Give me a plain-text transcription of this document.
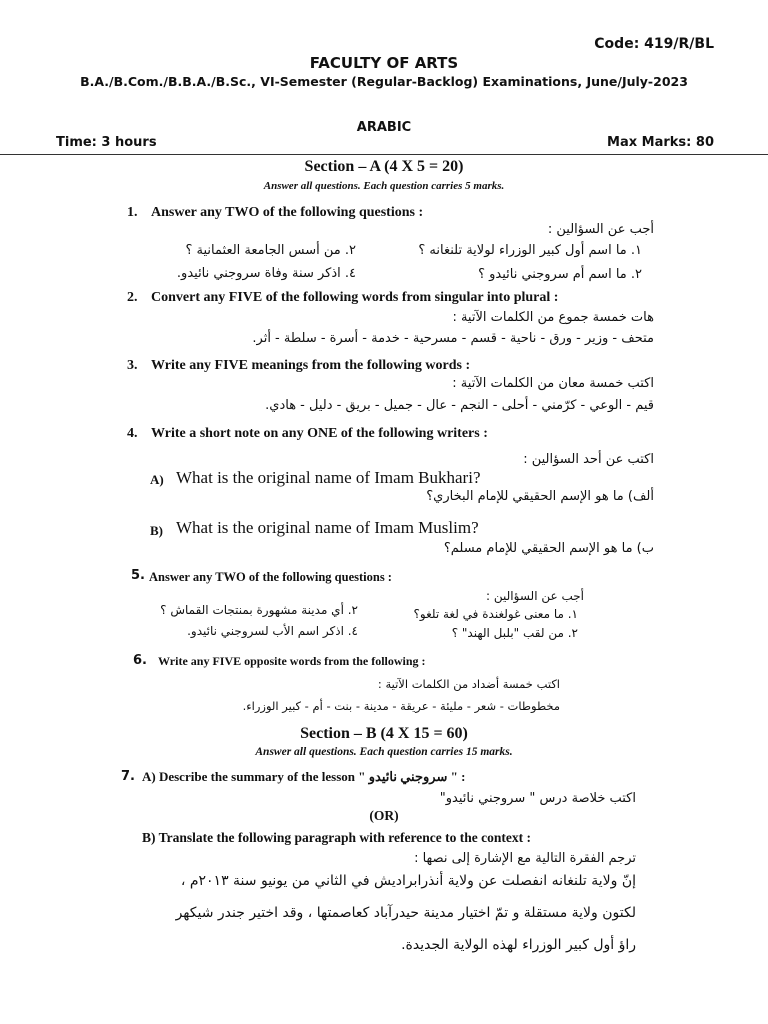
Code: 419/R/BL
FACULTY OF ARTS
B.A./B.Com./B.B.A./B.Sc., VI-Semester (Regular-Backlog) Examinations, June/July-2023
ARABIC
Time: 3 hours	Max Marks: 80
Section – A (4 X 5 = 20)
Answer all questions. Each question carries 5 marks.
1. Answer any TWO of the following questions :
أجب عن السؤالين :
١. ما اسم أول كبير الوزراء لولاية تلنغانه ؟
٢. من أسس الجامعة العثمانية ؟
٢. ما اسم أم سروجني نائيدو ؟
٤. اذكر سنة وفاة سروجني نائيدو.
2. Convert any FIVE of the following words from singular into plural :
هات خمسة جموع من الكلمات الآتية :
متحف - وزير - ورق - ناحية - قسم - مسرحية - خدمة - أسرة - سلطة - أثر.
3. Write any FIVE meanings from the following words :
اكتب خمسة معان من الكلمات الآتية :
قيم - الوعي - كرّمني - أحلى - النجم - عال - جميل - بريق - دليل - هادي.
4. Write a short note on any ONE of the following writers :
اكتب عن أحد السؤالين :
A) What is the original name of Imam Bukhari?
ألف) ما هو الإسم الحقيقي للإمام البخاري؟
B) What is the original name of Imam Muslim?
ب) ما هو الإسم الحقيقي للإمام مسلم؟
5. Answer any TWO of the following questions :
أجب عن السؤالين :
١. ما معنى غولغندة في لغة تلغو؟
٢. أي مدينة مشهورة بمنتجات القماش ؟
٢. من لقب "بلبل الهند" ؟
٤. اذكر اسم الأب لسروجني نائيدو.
6. Write any FIVE opposite words from the following :
اكتب خمسة أضداد من الكلمات الآتية :
مخطوطات - شعر - مليئة - عريقة - مدينة - بنت - أم - كبير الوزراء.
Section – B (4 X 15 = 60)
Answer all questions. Each question carries 15 marks.
7. A) Describe the summary of the lesson " سروجني نائيدو " :
اكتب خلاصة درس " سروجني نائيدو"
(OR)
B) Translate the following paragraph with reference to the context :
ترجم الفقرة التالية مع الإشارة إلى نصها :
إنّ ولاية تلنغانه انفصلت عن ولاية أنذرابراديش في الثاني من يونيو سنة ٢٠١٣م ،
لكتون ولاية مستقلة و تمّ اختيار مدينة حيدرآباد كعاصمتها ، وقد اختير جندر شيكهر
راؤ أول كبير الوزراء لهذه الولاية الجديدة.
